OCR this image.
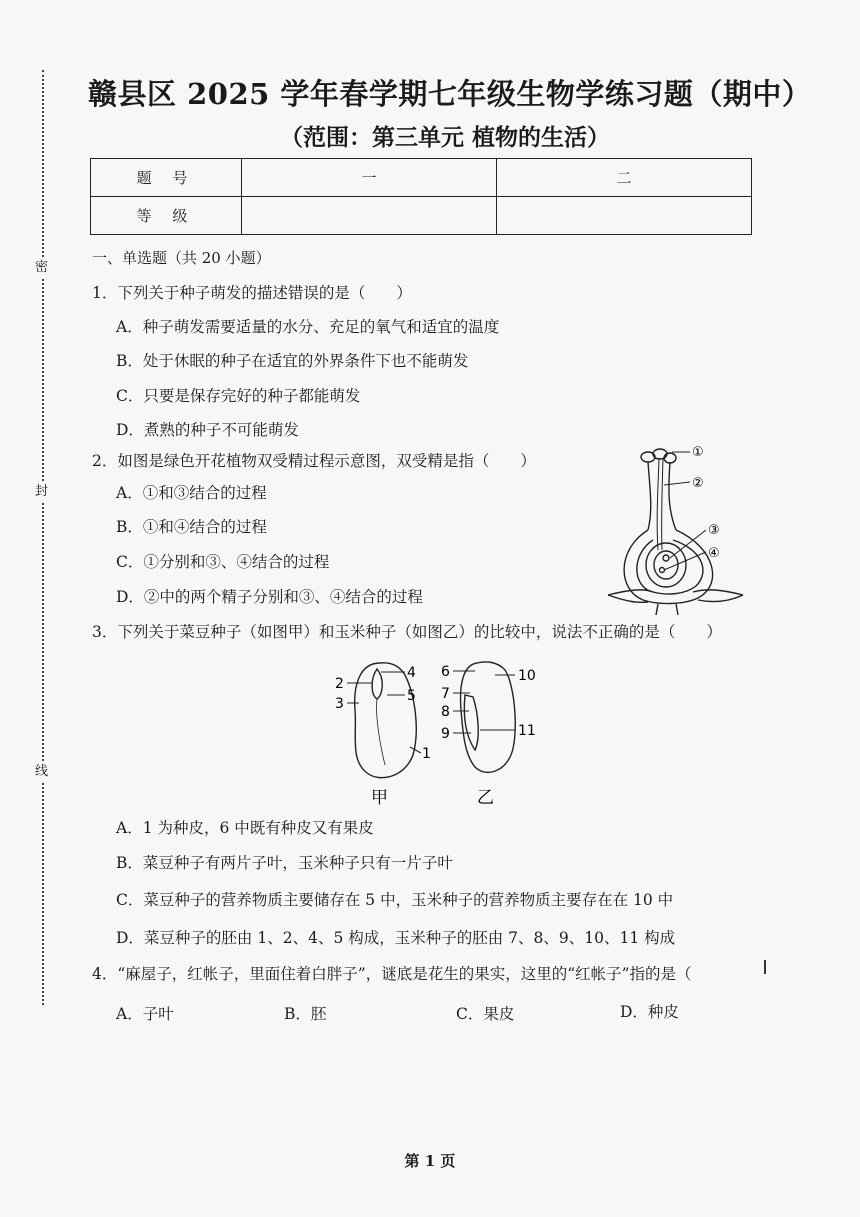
密
封
线
赣县区 2025 学年春学期七年级生物学练习题（期中）
（范围：第三单元 植物的生活）
题 号	一	二
等 级		
一、单选题（共 20 小题）
1．下列关于种子萌发的描述错误的是（　　）
A．种子萌发需要适量的水分、充足的氧气和适宜的温度
B．处于休眠的种子在适宜的外界条件下也不能萌发
C．只要是保存完好的种子都能萌发
D．煮熟的种子不可能萌发
2．如图是绿色开花植物双受精过程示意图，双受精是指（　　）
A．①和③结合的过程
B．①和④结合的过程
C．①分别和③、④结合的过程
D．②中的两个精子分别和③、④结合的过程
①
②
③
④
3．下列关于菜豆种子（如图甲）和玉米种子（如图乙）的比较中，说法不正确的是（　　）
2
3
4
5
1
6
7
8
9
10
11
甲	乙
A．1 为种皮，6 中既有种皮又有果皮
B．菜豆种子有两片子叶，玉米种子只有一片子叶
C．菜豆种子的营养物质主要储存在 5 中，玉米种子的营养物质主要存在在 10 中
D．菜豆种子的胚由 1、2、4、5 构成，玉米种子的胚由 7、8、9、10、11 构成
4．“麻屋子，红帐子，里面住着白胖子”，谜底是花生的果实，这里的“红帐子”指的是（
A．子叶	B．胚	C．果皮	D．种皮
第 1 页
